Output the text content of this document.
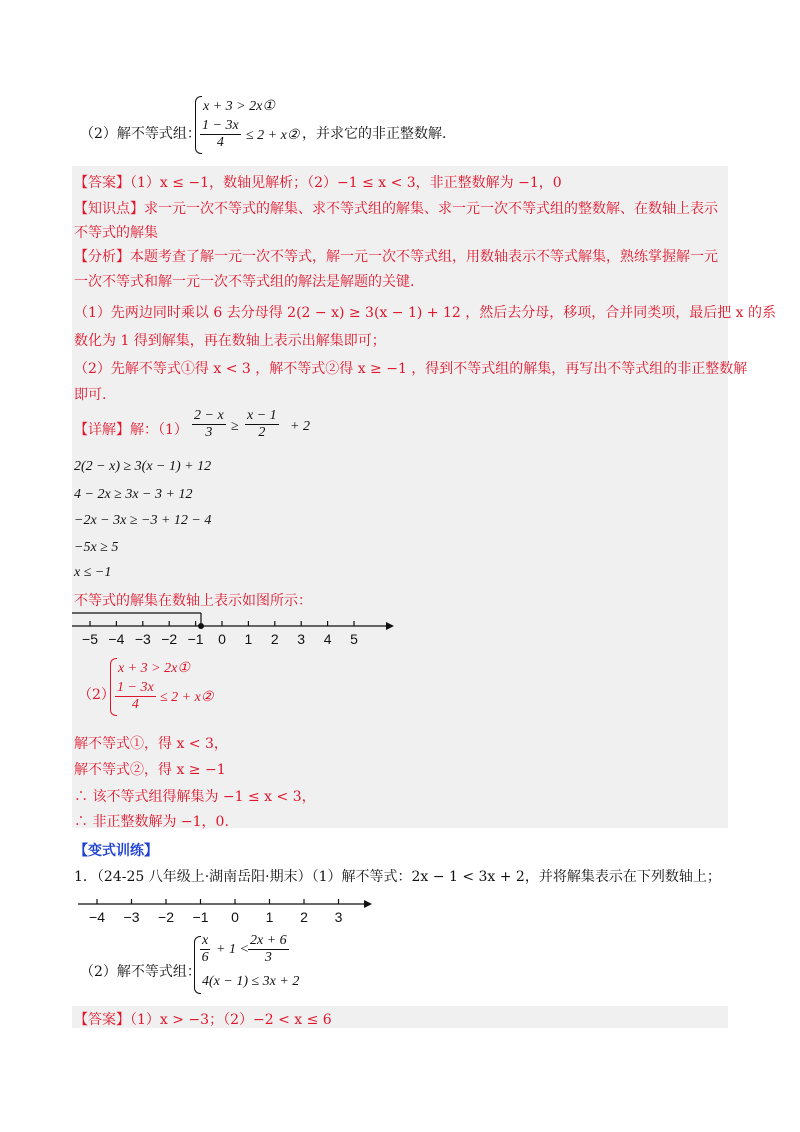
（2）解不等式组：
x + 3 > 2x①
$\frac{1 - 3x}{4} \le 2$ + x② ，并求它的非正整数解.
【答案】（1）x ≤ −1，数轴见解析；（2）−1 ≤ x < 3，非正整数解为 −1，0
【知识点】求一元一次不等式的解集、求不等式组的解集、求一元一次不等式组的整数解、在数轴上表示
不等式的解集
【分析】本题考查了解一元一次不等式，解一元一次不等式组，用数轴表示不等式解集，熟练掌握解一元
一次不等式和解一元一次不等式组的解法是解题的关键.
（1）先两边同时乘以 6 去分母得 2(2 − x) ≥ 3(x − 1) + 12 ，然后去分母，移项，合并同类项，最后把 x 的系
数化为 1 得到解集，再在数轴上表示出解集即可；
（2）先解不等式①得 x < 3 ，解不等式②得 x ≥ −1 ，得到不等式组的解集，再写出不等式组的非正整数解
即可.
【详解】解：$(1) \frac{2 - x}{3} \ge \frac{x - 1}{2} + 2$
2(2 − x) ≥ 3(x − 1) + 12
4 − 2x ≥ 3x − 3 + 12
−2x − 3x ≥ −3 + 12 − 4
−5x ≥ 5
x ≤ −1
不等式的解集在数轴上表示如图所示：
−5 −4 −3 −2 −1 0 1 2 3 4 5
（2）
x + 3 > 2x①
$\frac{1 - 3x}{4} \le 2$ + x②
解不等式①，得 x < 3，
解不等式②，得 x ≥ −1
∴ 该不等式组得解集为 −1 ≤ x < 3，
∴ 非正整数解为 −1，0.
【变式训练】
1．（24-25 八年级上·湖南岳阳·期末）（1）解不等式：2x − 1 < 3x + 2，并将解集表示在下列数轴上；
−4 −3 −2 −1 0 1 2 3
（2）解不等式组：
$\frac{x}{6} + 1 < \frac{2x + 6}{3}$
4(x − 1) ≤ 3x + 2
【答案】（1）x > −3；（2）−2 < x ≤ 6
